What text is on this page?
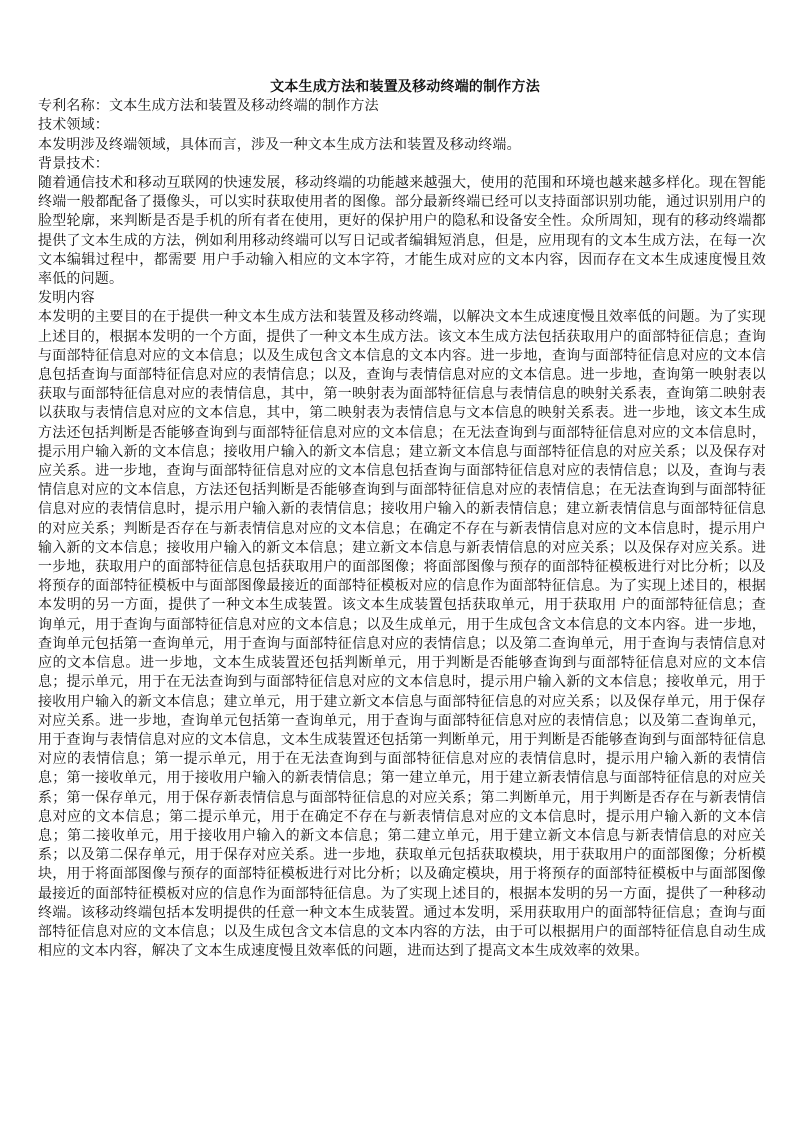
文本生成方法和装置及移动终端的制作方法

专利名称：文本生成方法和装置及移动终端的制作方法

技术领域：

本发明涉及终端领域，具体而言，涉及一种文本生成方法和装置及移动终端。

背景技术：

随着通信技术和移动互联网的快速发展，移动终端的功能越来越强大，使用的范围和环境也越来越多样化。现在智能终端一般都配备了摄像头，可以实时获取使用者的图像。部分最新终端已经可以支持面部识别功能，通过识别用户的脸型轮廓，来判断是否是手机的所有者在使用，更好的保护用户的隐私和设备安全性。众所周知，现有的移动终端都提供了文本生成的方法，例如利用移动终端可以写日记或者编辑短消息，但是，应用现有的文本生成方法，在每一次文本编辑过程中，都需要 用户手动输入相应的文本字符，才能生成对应的文本内容，因而存在文本生成速度慢且效率低的问题。

发明内容

本发明的主要目的在于提供一种文本生成方法和装置及移动终端，以解决文本生成速度慢且效率低的问题。为了实现上述目的，根据本发明的一个方面，提供了一种文本生成方法。该文本生成方法包括获取用户的面部特征信息；查询与面部特征信息对应的文本信息；以及生成包含文本信息的文本内容。进一步地，查询与面部特征信息对应的文本信息包括查询与面部特征信息对应的表情信息；以及，查询与表情信息对应的文本信息。进一步地，查询第一映射表以获取与面部特征信息对应的表情信息，其中，第一映射表为面部特征信息与表情信息的映射关系表，查询第二映射表以获取与表情信息对应的文本信息，其中，第二映射表为表情信息与文本信息的映射关系表。进一步地，该文本生成方法还包括判断是否能够查询到与面部特征信息对应的文本信息；在无法查询到与面部特征信息对应的文本信息时，提示用户输入新的文本信息；接收用户输入的新文本信息；建立新文本信息与面部特征信息的对应关系；以及保存对应关系。进一步地，查询与面部特征信息对应的文本信息包括查询与面部特征信息对应的表情信息；以及，查询与表情信息对应的文本信息，方法还包括判断是否能够查询到与面部特征信息对应的表情信息；在无法查询到与面部特征信息对应的表情信息时，提示用户输入新的表情信息；接收用户输入的新表情信息；建立新表情信息与面部特征信息的对应关系；判断是否存在与新表情信息对应的文本信息；在确定不存在与新表情信息对应的文本信息时，提示用户输入新的文本信息；接收用户输入的新文本信息；建立新文本信息与新表情信息的对应关系；以及保存对应关系。进一步地，获取用户的面部特征信息包括获取用户的面部图像；将面部图像与预存的面部特征模板进行对比分析；以及将预存的面部特征模板中与面部图像最接近的面部特征模板对应的信息作为面部特征信息。为了实现上述目的，根据本发明的另一方面，提供了一种文本生成装置。该文本生成装置包括获取单元，用于获取用 户的面部特征信息；查询单元，用于查询与面部特征信息对应的文本信息；以及生成单元，用于生成包含文本信息的文本内容。进一步地，查询单元包括第一查询单元，用于查询与面部特征信息对应的表情信息；以及第二查询单元，用于查询与表情信息对应的文本信息。进一步地，文本生成装置还包括判断单元，用于判断是否能够查询到与面部特征信息对应的文本信息；提示单元，用于在无法查询到与面部特征信息对应的文本信息时，提示用户输入新的文本信息；接收单元，用于接收用户输入的新文本信息；建立单元，用于建立新文本信息与面部特征信息的对应关系；以及保存单元，用于保存对应关系。进一步地，查询单元包括第一查询单元，用于查询与面部特征信息对应的表情信息；以及第二查询单元，用于查询与表情信息对应的文本信息，文本生成装置还包括第一判断单元，用于判断是否能够查询到与面部特征信息对应的表情信息；第一提示单元，用于在无法查询到与面部特征信息对应的表情信息时，提示用户输入新的表情信息；第一接收单元，用于接收用户输入的新表情信息；第一建立单元，用于建立新表情信息与面部特征信息的对应关系；第一保存单元，用于保存新表情信息与面部特征信息的对应关系；第二判断单元，用于判断是否存在与新表情信息对应的文本信息；第二提示单元，用于在确定不存在与新表情信息对应的文本信息时，提示用户输入新的文本信息；第二接收单元，用于接收用户输入的新文本信息；第二建立单元，用于建立新文本信息与新表情信息的对应关系；以及第二保存单元，用于保存对应关系。进一步地，获取单元包括获取模块，用于获取用户的面部图像；分析模块，用于将面部图像与预存的面部特征模板进行对比分析；以及确定模块，用于将预存的面部特征模板中与面部图像最接近的面部特征模板对应的信息作为面部特征信息。为了实现上述目的，根据本发明的另一方面，提供了一种移动终端。该移动终端包括本发明提供的任意一种文本生成装置。通过本发明，采用获取用户的面部特征信息；查询与面部特征信息对应的文本信息；以及生成包含文本信息的文本内容的方法，由于可以根据用户的面部特征信息自动生成相应的文本内容，解决了文本生成速度慢且效率低的问题，进而达到了提高文本生成效率的效果。
